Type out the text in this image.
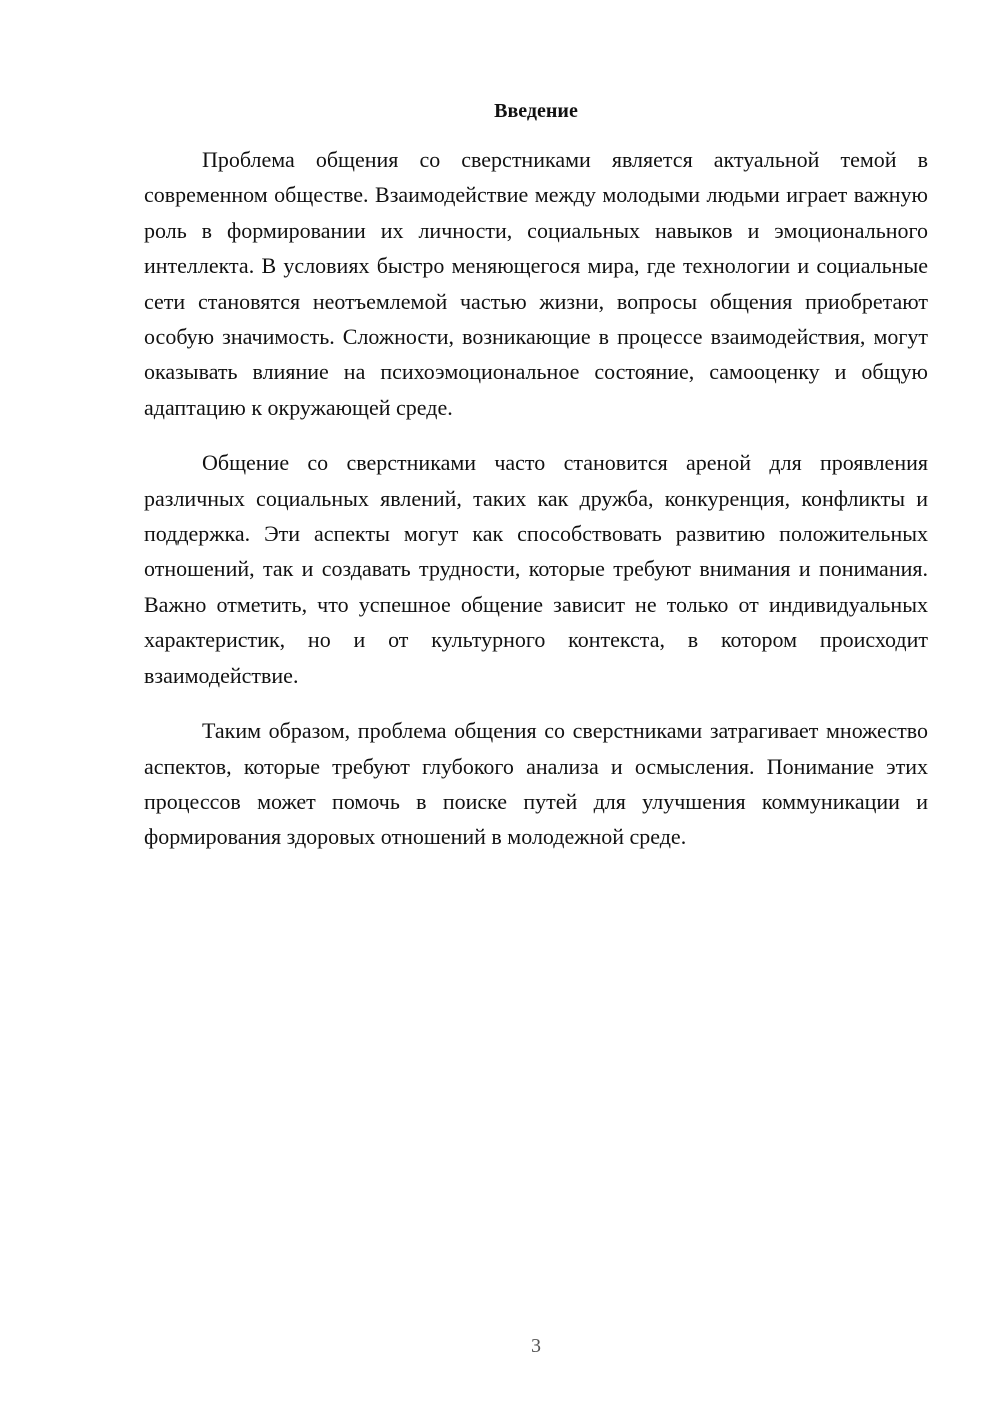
Введение

Проблема общения со сверстниками является актуальной темой в современном обществе. Взаимодействие между молодыми людьми играет важную роль в формировании их личности, социальных навыков и эмоционального интеллекта. В условиях быстро меняющегося мира, где технологии и социальные сети становятся неотъемлемой частью жизни, вопросы общения приобретают особую значимость. Сложности, возникающие в процессе взаимодействия, могут оказывать влияние на психоэмоциональное состояние, самооценку и общую адаптацию к окружающей среде.

Общение со сверстниками часто становится ареной для проявления различных социальных явлений, таких как дружба, конкуренция, конфликты и поддержка. Эти аспекты могут как способствовать развитию положительных отношений, так и создавать трудности, которые требуют внимания и понимания. Важно отметить, что успешное общение зависит не только от индивидуальных характеристик, но и от культурного контекста, в котором происходит взаимодействие.

Таким образом, проблема общения со сверстниками затрагивает множество аспектов, которые требуют глубокого анализа и осмысления. Понимание этих процессов может помочь в поиске путей для улучшения коммуникации и формирования здоровых отношений в молодежной среде.

3
